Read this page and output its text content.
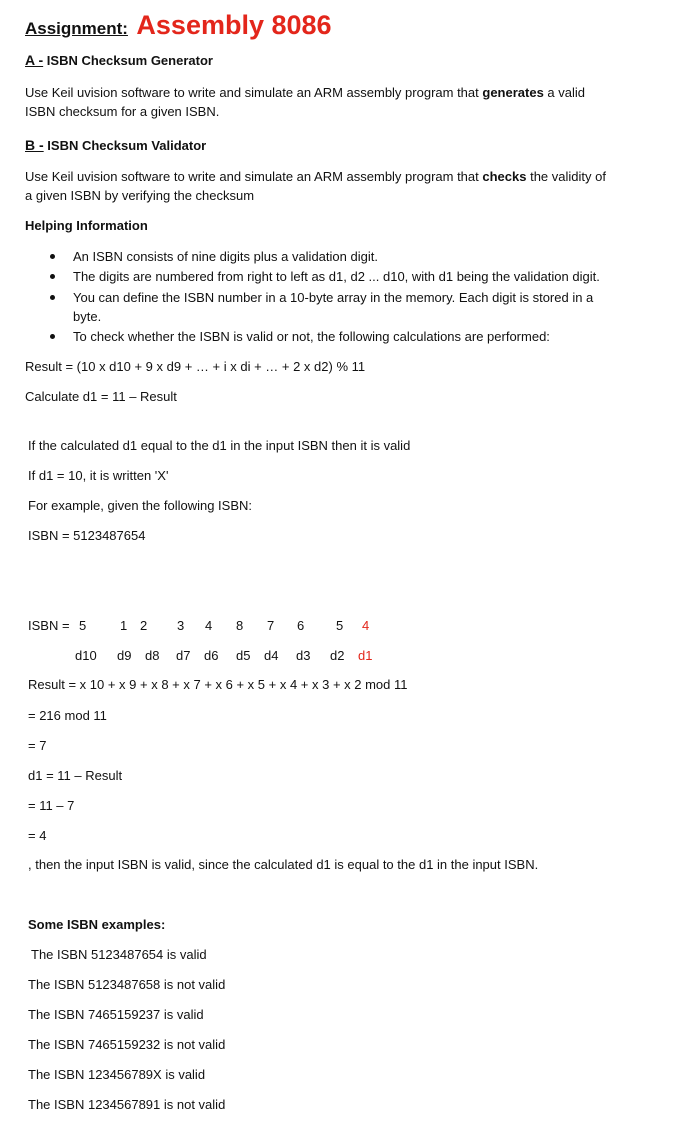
Assignment: Assembly 8086
A - ISBN Checksum Generator
Use Keil uvision software to write and simulate an ARM assembly program that generates a valid
ISBN checksum for a given ISBN.
B - ISBN Checksum Validator
Use Keil uvision software to write and simulate an ARM assembly program that checks the validity of
a given ISBN by verifying the checksum
Helping Information
An ISBN consists of nine digits plus a validation digit.
The digits are numbered from right to left as d1, d2 ... d10, with d1 being the validation digit.
You can define the ISBN number in a 10-byte array in the memory. Each digit is stored in a
byte.
To check whether the ISBN is valid or not, the following calculations are performed:
Result = (10 x d10 + 9 x d9 + … + i x di + … + 2 x d2) % 11
Calculate d1 = 11 – Result
If the calculated d1 equal to the d1 in the input ISBN then it is valid
If d1 = 10, it is written 'X'
For example, given the following ISBN:
ISBN = 5123487654
ISBN = 5	1 2 3 4 8 7 6 5 4
d10 d9 d8 d7 d6 d5 d4 d3 d2 d1
Result = x 10 + x 9 + x 8 + x 7 + x 6 + x 5 + x 4 + x 3 + x 2 mod 11
= 216 mod 11
= 7
d1 = 11 – Result
= 11 – 7
= 4
, then the input ISBN is valid, since the calculated d1 is equal to the d1 in the input ISBN.
Some ISBN examples:
The ISBN 5123487654 is valid
The ISBN 5123487658 is not valid
The ISBN 7465159237 is valid
The ISBN 7465159232 is not valid
The ISBN 123456789X is valid
The ISBN 1234567891 is not valid
